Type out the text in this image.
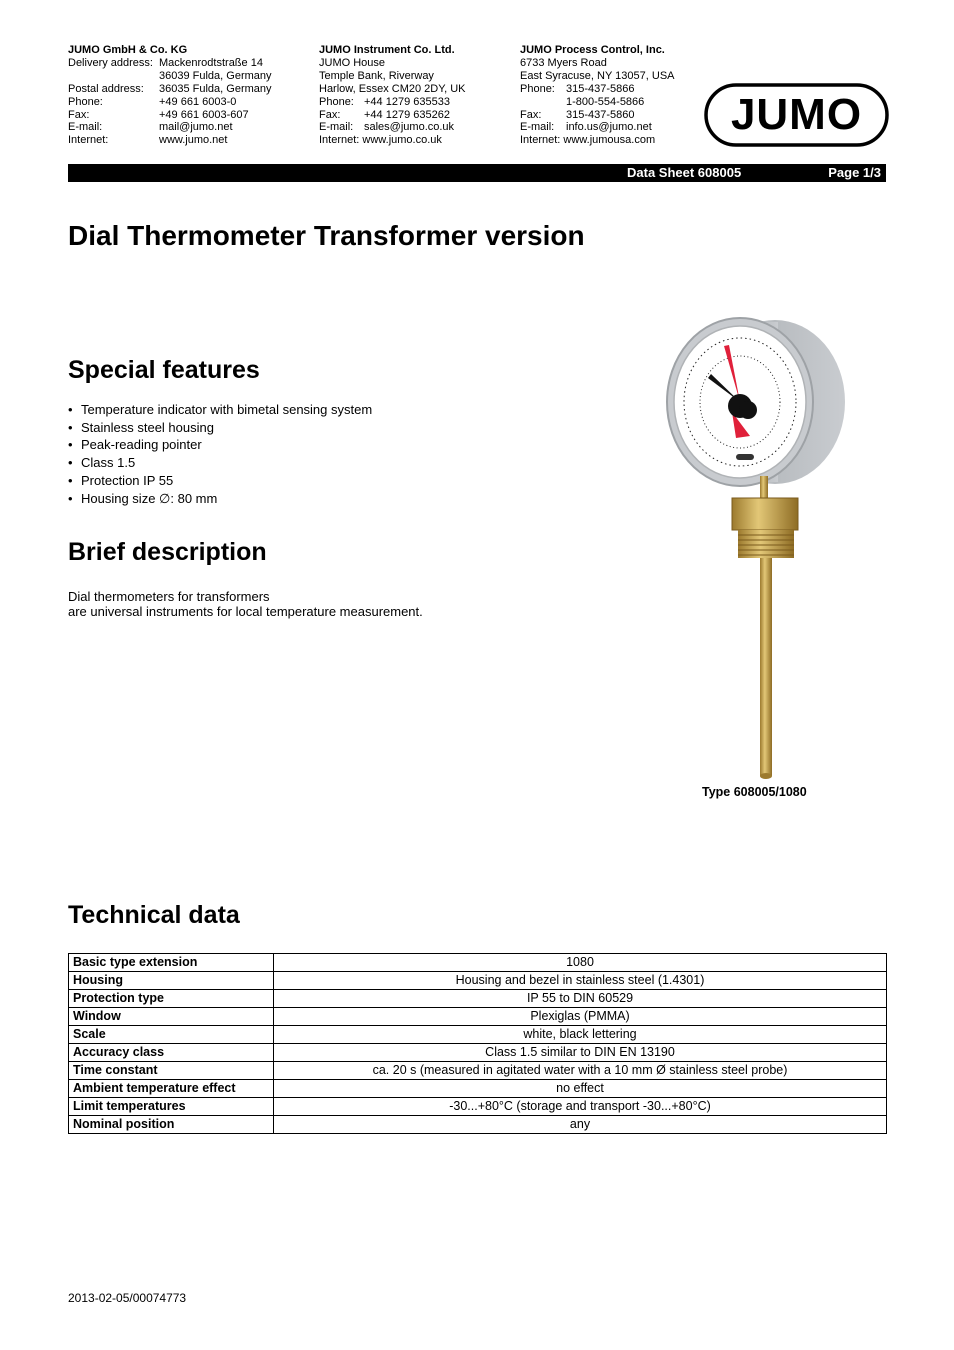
JUMO GmbH & Co. KG
Delivery address: Mackenrodtstraße 14
36039 Fulda, Germany
Postal address:	36035 Fulda, Germany
Phone:	+49 661 6003-0
Fax:	+49 661 6003-607
E-mail:	mail@jumo.net
Internet:	www.jumo.net
JUMO Instrument Co. Ltd.
JUMO House
Temple Bank, Riverway
Harlow, Essex CM20 2DY, UK
Phone: +44 1279 635533
Fax:	+44 1279 635262
E-mail: sales@jumo.co.uk
Internet:
www.jumo.co.uk
JUMO Process Control, Inc.
6733 Myers Road
East Syracuse, NY 13057, USA
Phone:	315-437-5866
1-800-554-5866
Fax:	315-437-5860
E-mail:	info.us@jumo.net
Internet:
www.jumousa.com
JUMO
Data Sheet 608005	Page 1/3
Dial Thermometer Transformer version
Special features
• Temperature indicator with bimetal sensing system
• Stainless steel housing
• Peak-reading pointer
• Class 1.5
• Protection IP 55
• Housing size ∅: 80 mm
Brief description
Dial thermometers for transformers
are universal instruments for local temperature measurement.
Type 608005/1080
Technical data
Basic type extension	1080
Housing	Housing and bezel in stainless steel (1.4301)
Protection type	IP 55 to DIN 60529
Window	Plexiglas (PMMA)
Scale	white, black lettering
Accuracy class	Class 1.5 similar to DIN EN 13190
Time constant	ca. 20 s (measured in agitated water with a 10 mm Ø stainless steel probe)
Ambient temperature effect	no effect
Limit temperatures	-30...+80°C (storage and transport -30...+80°C)
Nominal position	any
2013-02-05/00074773
